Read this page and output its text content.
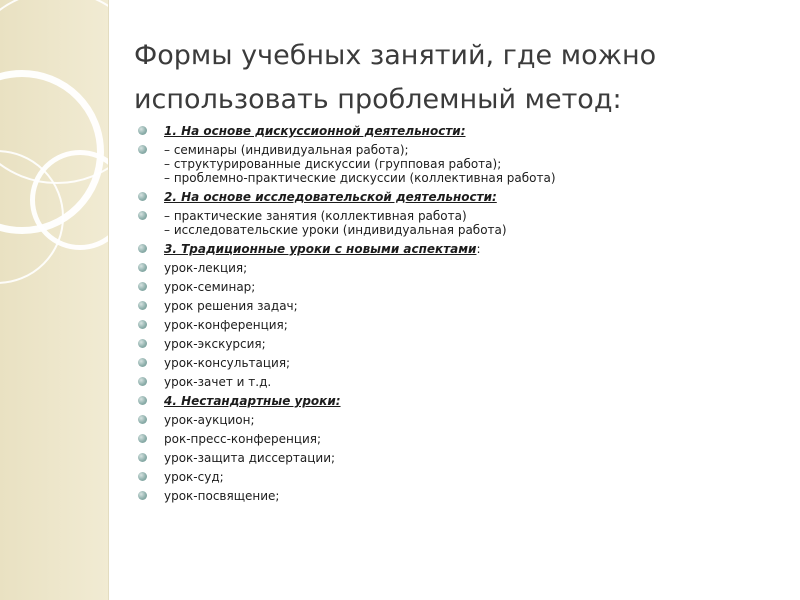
Формы учебных занятий, где можно
использовать проблемный метод:
1. На основе дискуссионной деятельности:
– семинары (индивидуальная работа);
– структурированные дискуссии (групповая работа);
– проблемно-практические дискуссии (коллективная работа)
2. На основе исследовательской деятельности:
– практические занятия (коллективная работа)
– исследовательские уроки (индивидуальная работа)
3. Традиционные уроки с новыми аспектами:
урок-лекция;
урок-семинар;
урок решения задач;
урок-конференция;
урок-экскурсия;
урок-консультация;
урок-зачет и т.д.
4. Нестандартные уроки:
урок-аукцион;
рок-пресс-конференция;
урок-защита диссертации;
урок-суд;
урок-посвящение;
